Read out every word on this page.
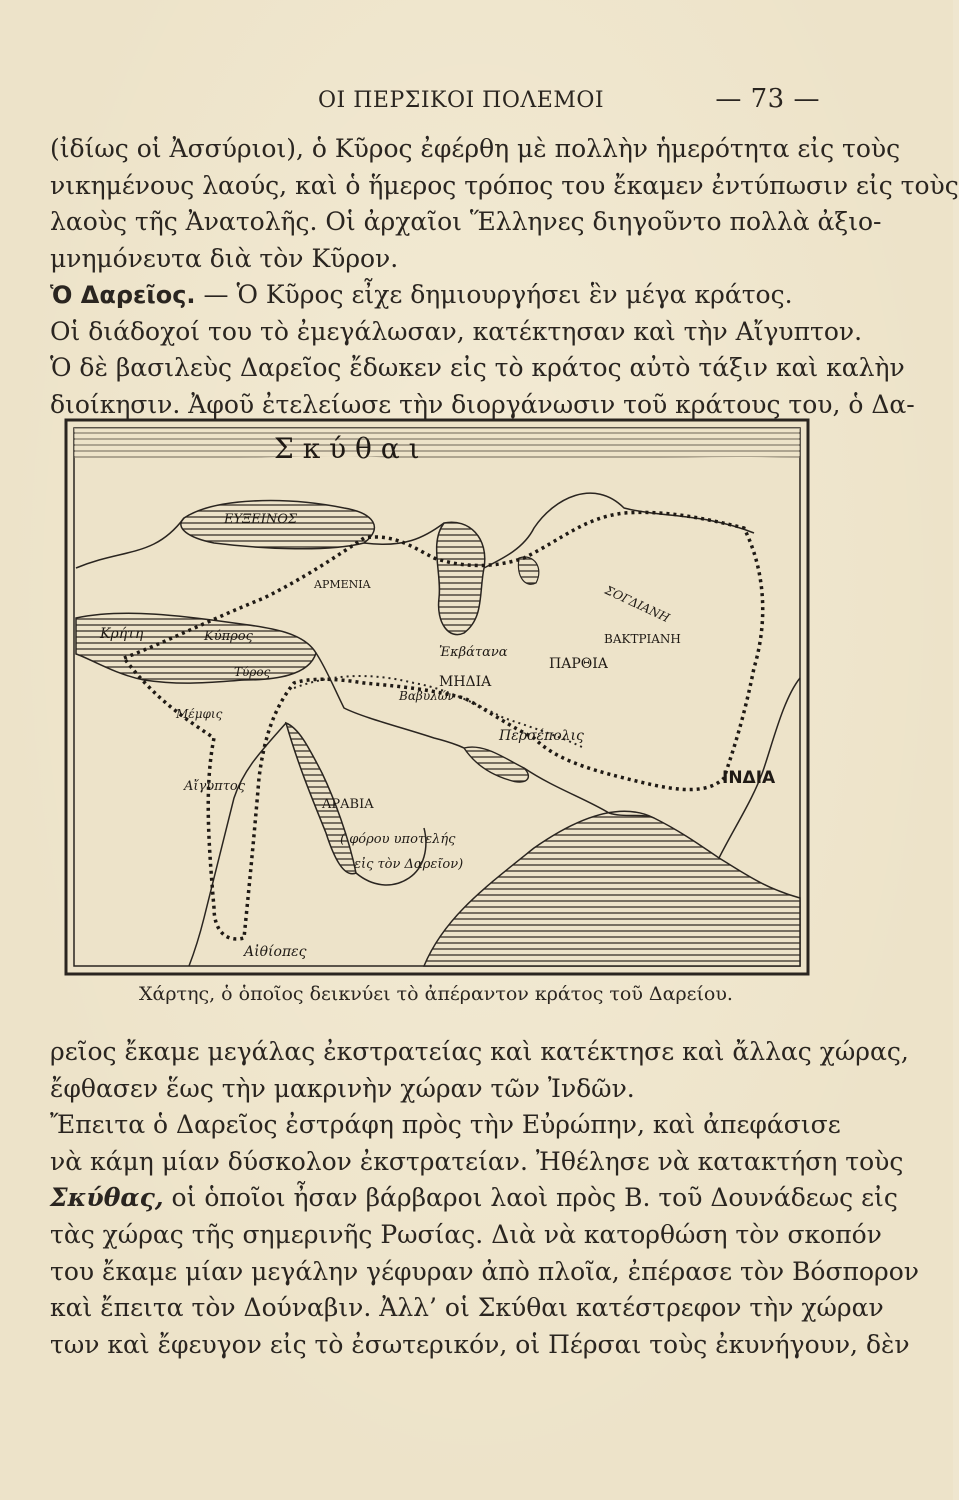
ΟΙ ΠΕΡΣΙΚΟΙ ΠΟΛΕΜΟΙ	— 73 —
(ἰδίως οἱ Ἀσσύριοι), ὁ Κῦρος ἐφέρθη μὲ πολλὴν ἡμερότητα εἰς τοὺς
νικημένους λαούς, καὶ ὁ ἥμερος τρόπος του ἔκαμεν ἐντύπωσιν εἰς τοὺς
λαοὺς τῆς Ἀνατολῆς. Οἱ ἀρχαῖοι Ἕλληνες διηγοῦντο πολλὰ ἀξιο-
μνημόνευτα διὰ τὸν Κῦρον.
Ὁ Δαρεῖος. — Ὁ Κῦρος εἶχε δημιουργήσει ἓν μέγα κράτος.
Οἱ διάδοχοί του τὸ ἐμεγάλωσαν, κατέκτησαν καὶ τὴν Αἴγυπτον.
Ὁ δὲ βασιλεὺς Δαρεῖος ἔδωκεν εἰς τὸ κράτος αὐτὸ τάξιν καὶ καλὴν
διοίκησιν. Ἀφοῦ ἐτελείωσε τὴν διοργάνωσιν τοῦ κράτους του, ὁ Δα-
Σ κ ύ θ α ι
ΕΥΞΕΙΝΟΣ
ΑΡΜΕΝΙΑ
Κρήτη	Κύπρος
Τύρος
Μέμφις
Αἴγυπτος
Ἐκβάτανα
ΜΗΔΙΑ
Βαβυλών
ΠΑΡΘΙΑ
Περσέπολις
ΒΑΚΤΡΙΑΝΗ
ΣΟΓΔΙΑΝΗ
ΙΝΔΙΑ
ΑΡΑΒΙΑ
( φόρου υποτελής
εἰς τὸν Δαρεῖον)
Αἰθίοπες
Χάρτης, ὁ ὁποῖος δεικνύει τὸ ἀπέραντον κράτος τοῦ Δαρείου.
ρεῖος ἔκαμε μεγάλας ἐκστρατείας καὶ κατέκτησε καὶ ἄλλας χώρας,
ἔφθασεν ἕως τὴν μακρινὴν χώραν τῶν Ἰνδῶν.
Ἔπειτα ὁ Δαρεῖος ἐστράφη πρὸς τὴν Εὐρώπην, καὶ ἀπεφάσισε
νὰ κάμη μίαν δύσκολον ἐκστρατείαν. Ἠθέλησε νὰ κατακτήση τοὺς
Σκύθας, οἱ ὁποῖοι ἦσαν βάρβαροι λαοὶ πρὸς Β. τοῦ Δουνάδεως εἰς
τὰς χώρας τῆς σημερινῆς Ρωσίας. Διὰ νὰ κατορθώση τὸν σκοπόν
του ἔκαμε μίαν μεγάλην γέφυραν ἀπὸ πλοῖα, ἐπέρασε τὸν Βόσπορον
καὶ ἔπειτα τὸν Δούναβιν. Ἀλλ’ οἱ Σκύθαι κατέστρεφον τὴν χώραν
των καὶ ἔφευγον εἰς τὸ ἐσωτερικόν, οἱ Πέρσαι τοὺς ἐκυνήγουν, δὲν
